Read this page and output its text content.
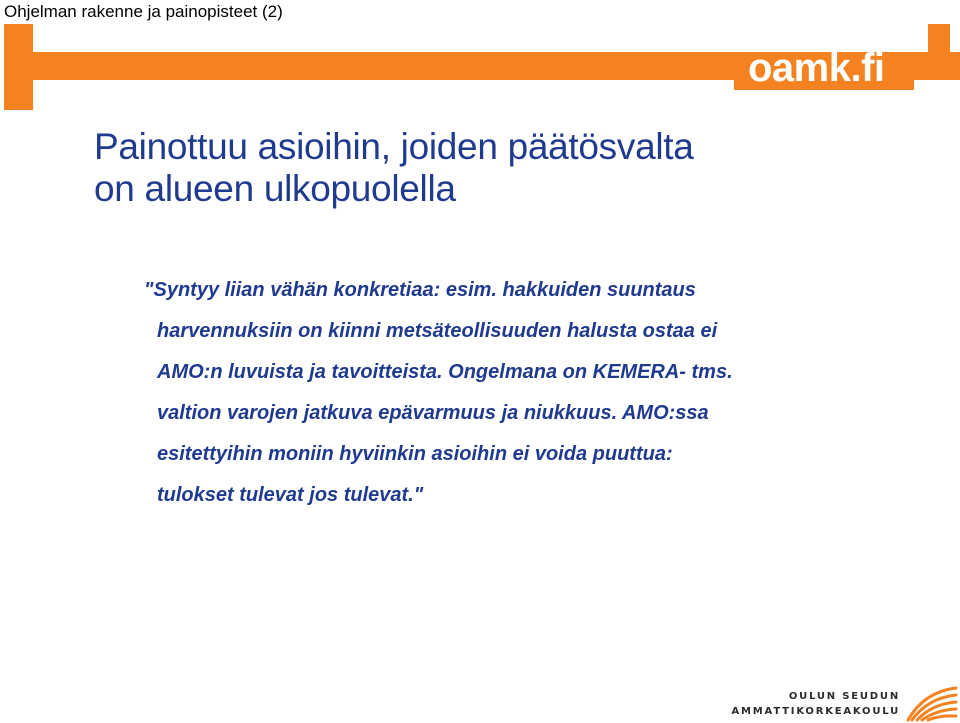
Ohjelman rakenne ja painopisteet (2)
oamk.fi
Painottuu asioihin, joiden päätösvalta
on alueen ulkopuolella
"Syntyy liian vähän konkretiaa: esim. hakkuiden suuntaus
harvennuksiin on kiinni metsäteollisuuden halusta ostaa ei
AMO:n luvuista ja tavoitteista. Ongelmana on KEMERA- tms.
valtion varojen jatkuva epävarmuus ja niukkuus. AMO:ssa
esitettyihin moniin hyviinkin asioihin ei voida puuttua:
tulokset tulevat jos tulevat."
OULUN SEUDUN
AMMATTIKORKEAKOULU
